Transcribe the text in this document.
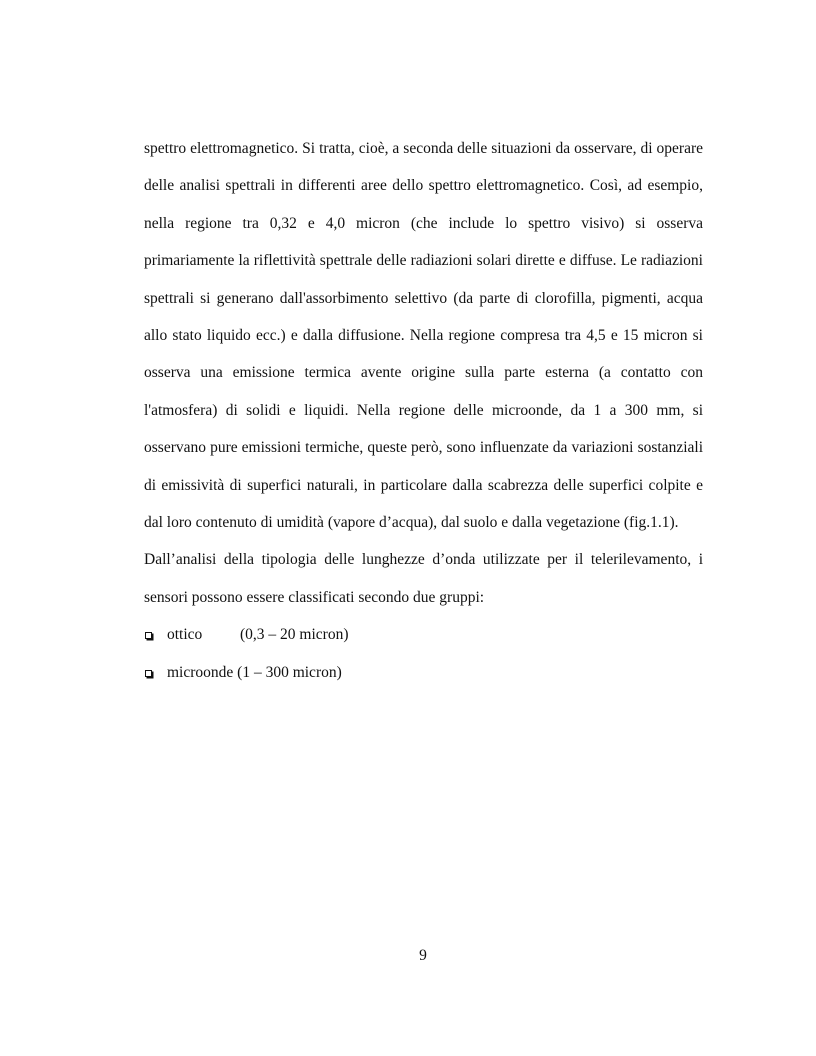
spettro elettromagnetico. Si tratta, cioè, a seconda delle situazioni da osservare, di operare delle analisi spettrali in differenti aree dello spettro elettromagnetico. Così, ad esempio, nella regione tra 0,32 e 4,0 micron (che include lo spettro visivo) si osserva primariamente la riflettività spettrale delle radiazioni solari dirette e diffuse. Le radiazioni spettrali si generano dall'assorbimento selettivo (da parte di clorofilla, pigmenti, acqua allo stato liquido ecc.) e dalla diffusione. Nella regione compresa tra 4,5 e 15 micron si osserva una emissione termica avente origine sulla parte esterna (a contatto con l'atmosfera) di solidi e liquidi. Nella regione delle microonde, da 1 a 300 mm, si osservano pure emissioni termiche, queste però, sono influenzate da variazioni sostanziali di emissività di superfici naturali, in particolare dalla scabrezza delle superfici colpite e dal loro contenuto di umidità (vapore d’acqua), dal suolo e dalla vegetazione (fig.1.1).

Dall’analisi della tipologia delle lunghezze d’onda utilizzate per il telerilevamento, i sensori possono essere classificati secondo due gruppi:

ottico (0,3 – 20 micron)
microonde (1 – 300 micron)
9
